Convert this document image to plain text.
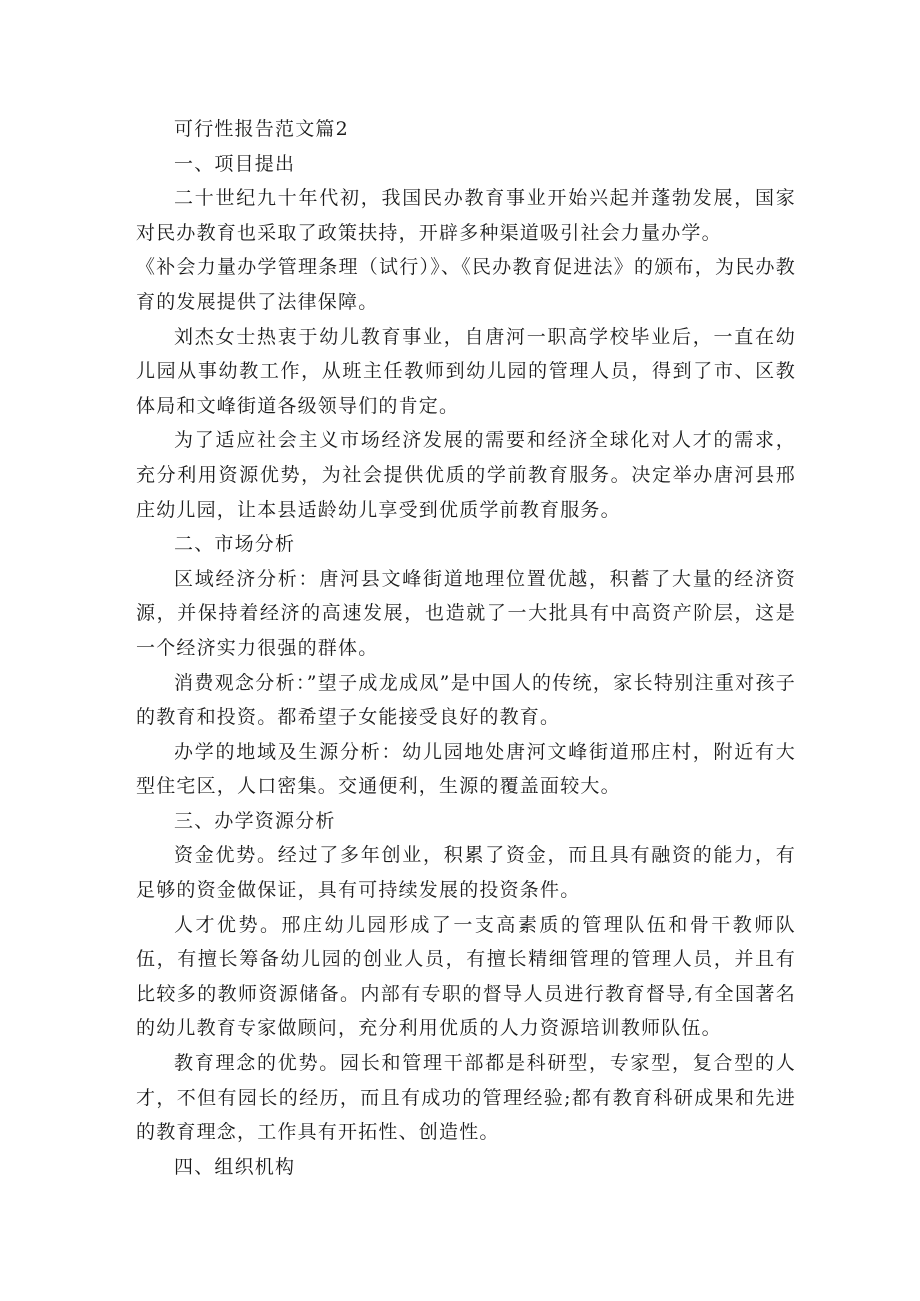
可行性报告范文篇2

一、项目提出

二十世纪九十年代初，我国民办教育事业开始兴起并蓬勃发展，国家对民办教育也采取了政策扶持，开辟多种渠道吸引社会力量办学。

《补会力量办学管理条理（试行）》、《民办教育促进法》的颁布，为民办教育的发展提供了法律保障。

刘杰女士热衷于幼儿教育事业，自唐河一职高学校毕业后，一直在幼儿园从事幼教工作，从班主任教师到幼儿园的管理人员，得到了市、区教体局和文峰街道各级领导们的肯定。

为了适应社会主义市场经济发展的需要和经济全球化对人才的需求，充分利用资源优势，为社会提供优质的学前教育服务。决定举办唐河县邢庄幼儿园，让本县适龄幼儿享受到优质学前教育服务。

二、市场分析

区域经济分析：唐河县文峰街道地理位置优越，积蓄了大量的经济资源，并保持着经济的高速发展，也造就了一大批具有中高资产阶层，这是一个经济实力很强的群体。

消费观念分析：”望子成龙成凤”是中国人的传统，家长特别注重对孩子的教育和投资。都希望子女能接受良好的教育。

办学的地域及生源分析：幼儿园地处唐河文峰街道邢庄村，附近有大型住宅区，人口密集。交通便利，生源的覆盖面较大。

三、办学资源分析

资金优势。经过了多年创业，积累了资金，而且具有融资的能力，有足够的资金做保证，具有可持续发展的投资条件。

人才优势。邢庄幼儿园形成了一支高素质的管理队伍和骨干教师队伍，有擅长筹备幼儿园的创业人员，有擅长精细管理的管理人员，并且有比较多的教师资源储备。内部有专职的督导人员进行教育督导,有全国著名的幼儿教育专家做顾问，充分利用优质的人力资源培训教师队伍。

教育理念的优势。园长和管理干部都是科研型，专家型，复合型的人才，不但有园长的经历，而且有成功的管理经验;都有教育科研成果和先进的教育理念，工作具有开拓性、创造性。

四、组织机构
